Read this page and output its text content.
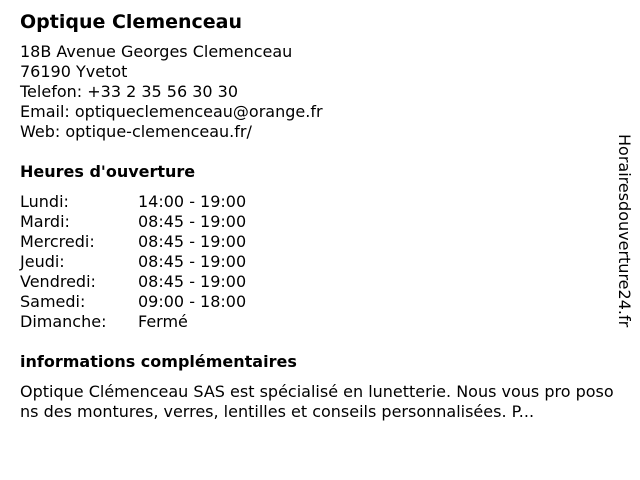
Optique Clemenceau
18B Avenue Georges Clemenceau
76190 Yvetot
Telefon: +33 2 35 56 30 30
Email: optiqueclemenceau@orange.fr
Web: optique-clemenceau.fr/
Heures d'ouverture
Lundi:	14:00 - 19:00
Mardi:	08:45 - 19:00
Mercredi:	08:45 - 19:00
Jeudi:	08:45 - 19:00
Vendredi:	08:45 - 19:00
Samedi:	09:00 - 18:00
Dimanche:	Fermé
informations complémentaires
Optique Clémenceau SAS est spécialisé en lunetterie. Nous vous pro posons des montures, verres, lentilles et conseils personnalisées. P...
Horairesdouverture24.fr
